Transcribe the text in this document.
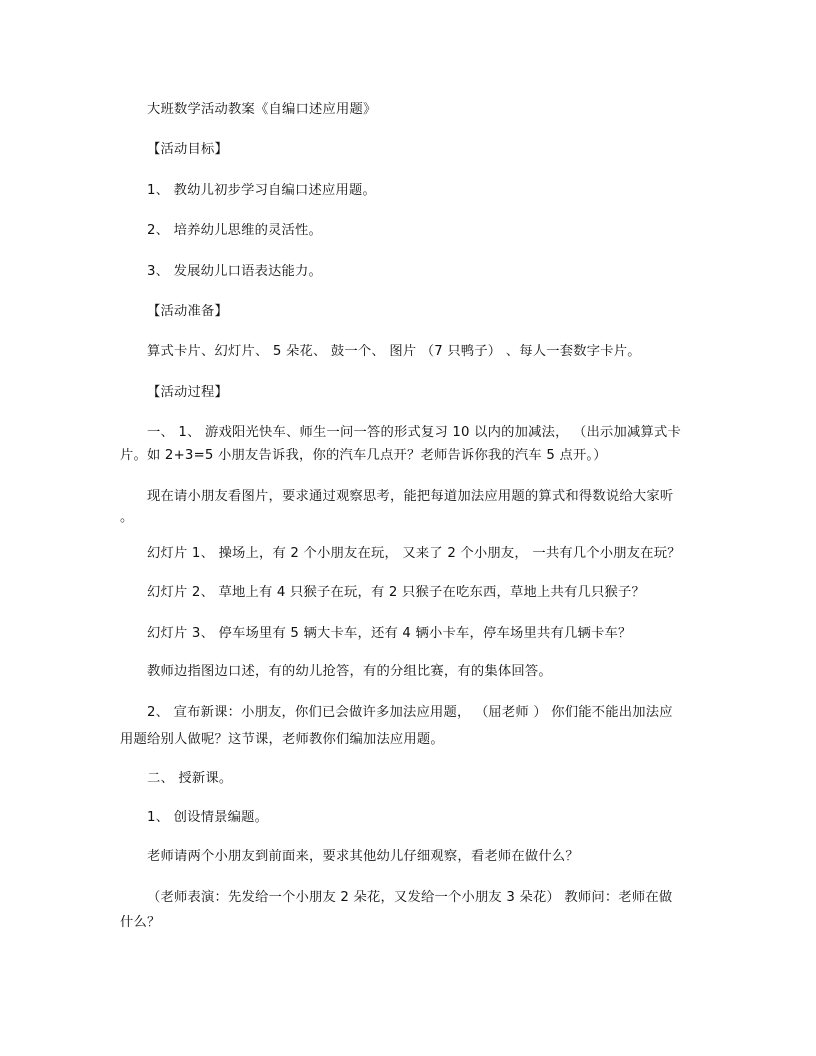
大班数学活动教案《自编口述应用题》
【活动目标】
1、 教幼儿初步学习自编口述应用题。
2、 培养幼儿思维的灵活性。
3、 发展幼儿口语表达能力。
【活动准备】
算式卡片、幻灯片、 5 朵花、 鼓一个、 图片 （7 只鸭子） 、每人一套数字卡片。
【活动过程】
一、 1、 游戏阳光快车、师生一问一答的形式复习 10 以内的加减法， （出示加减算式卡
片。如 2+3=5 小朋友告诉我，你的汽车几点开？老师告诉你我的汽车 5 点开。）
现在请小朋友看图片，要求通过观察思考，能把每道加法应用题的算式和得数说给大家听
。
幻灯片 1、 操场上，有 2 个小朋友在玩， 又来了 2 个小朋友， 一共有几个小朋友在玩？
幻灯片 2、 草地上有 4 只猴子在玩，有 2 只猴子在吃东西，草地上共有几只猴子？
幻灯片 3、 停车场里有 5 辆大卡车，还有 4 辆小卡车，停车场里共有几辆卡车？
教师边指图边口述，有的幼儿抢答，有的分组比赛，有的集体回答。
2、 宣布新课：小朋友，你们已会做许多加法应用题， （屈老师 ） 你们能不能出加法应
用题给别人做呢？这节课，老师教你们编加法应用题。
二、 授新课。
1、 创设情景编题。
老师请两个小朋友到前面来，要求其他幼儿仔细观察，看老师在做什么？
（老师表演：先发给一个小朋友 2 朵花，又发给一个小朋友 3 朵花） 教师问：老师在做
什么？
